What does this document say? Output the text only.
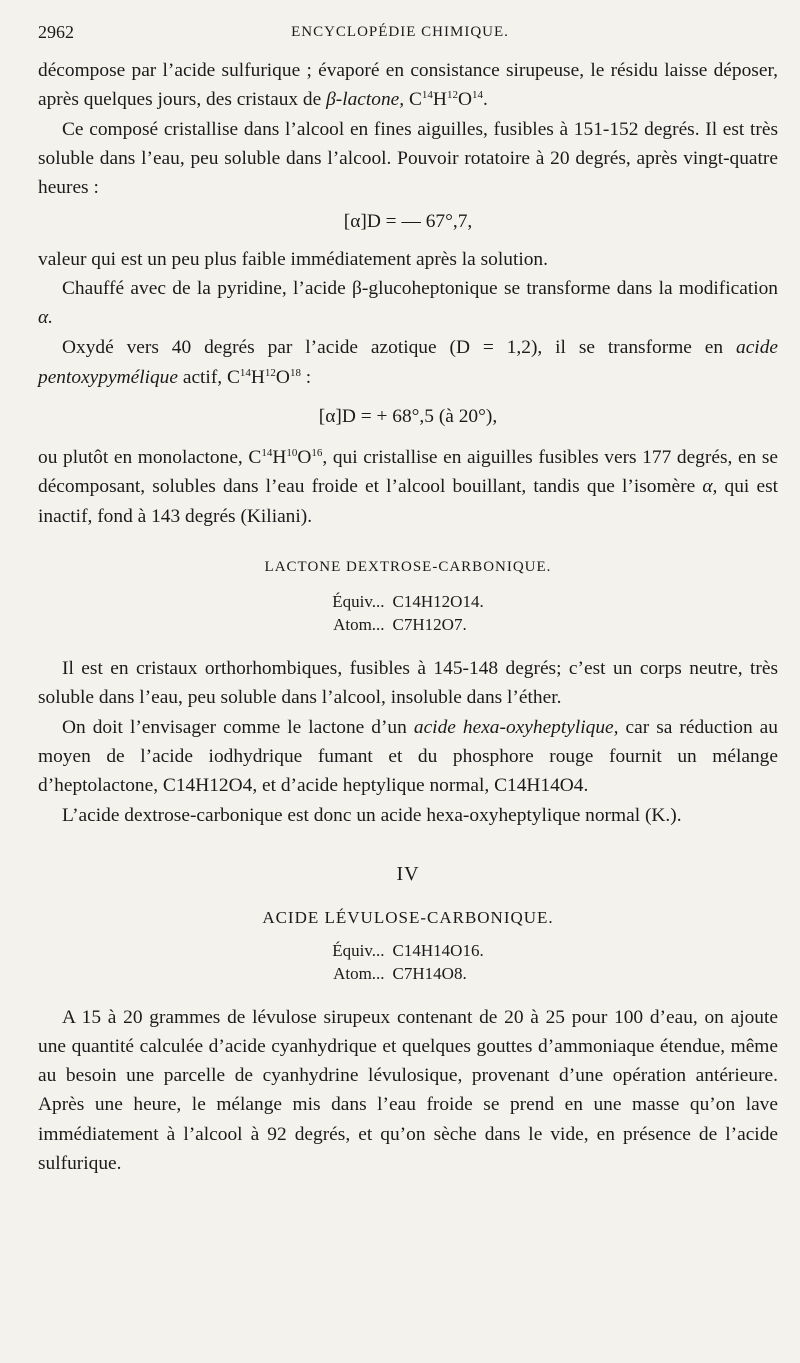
2962	ENCYCLOPÉDIE CHIMIQUE.

décompose par l’acide sulfurique ; évaporé en consistance sirupeuse, le résidu laisse déposer, après quelques jours, des cristaux de β-lactone, $C^{14}H^{12}O^{14}$.

Ce composé cristallise dans l’alcool en fines aiguilles, fusibles à 151-152 degrés. Il est très soluble dans l’eau, peu soluble dans l’alcool. Pouvoir rotatoire à 20 degrés, après vingt-quatre heures :

[α]D = — 67°,7,

valeur qui est un peu plus faible immédiatement après la solution.

Chauffé avec de la pyridine, l’acide β-glucoheptonique se transforme dans la modification α.

Oxydé vers 40 degrés par l’acide azotique (D = 1,2), il se transforme en acide pentoxypymélique actif, $C^{14}H^{12}O^{18}$ :

[α]D = + 68°,5 (à 20°),

ou plutôt en monolactone, $C^{14}H^{10}O^{16}$, qui cristallise en aiguilles fusibles vers 177 degrés, en se décomposant, solubles dans l’eau froide et l’alcool bouillant, tandis que l’isomère α, qui est inactif, fond à 143 degrés (Kiliani).

LACTONE DEXTROSE-CARBONIQUE.
Équiv...	C14H12O14.
Atom...	C7H12O7.

Il est en cristaux orthorhombiques, fusibles à 145-148 degrés; c’est un corps neutre, très soluble dans l’eau, peu soluble dans l’alcool, insoluble dans l’éther.

On doit l’envisager comme le lactone d’un acide hexa-oxyheptylique, car sa réduction au moyen de l’acide iodhydrique fumant et du phosphore rouge fournit un mélange d’heptolactone, C14H12O4, et d’acide heptylique normal, C14H14O4.

L’acide dextrose-carbonique est donc un acide hexa-oxyheptylique normal (K.).

IV
ACIDE LÉVULOSE-CARBONIQUE.
Équiv...	C14H14O16.
Atom...	C7H14O8.

A 15 à 20 grammes de lévulose sirupeux contenant de 20 à 25 pour 100 d’eau, on ajoute une quantité calculée d’acide cyanhydrique et quelques gouttes d’ammoniaque étendue, même au besoin une parcelle de cyanhydrine lévulosique, provenant d’une opération antérieure. Après une heure, le mélange mis dans l’eau froide se prend en une masse qu’on lave immédiatement à l’alcool à 92 degrés, et qu’on sèche dans le vide, en présence de l’acide sulfurique.
